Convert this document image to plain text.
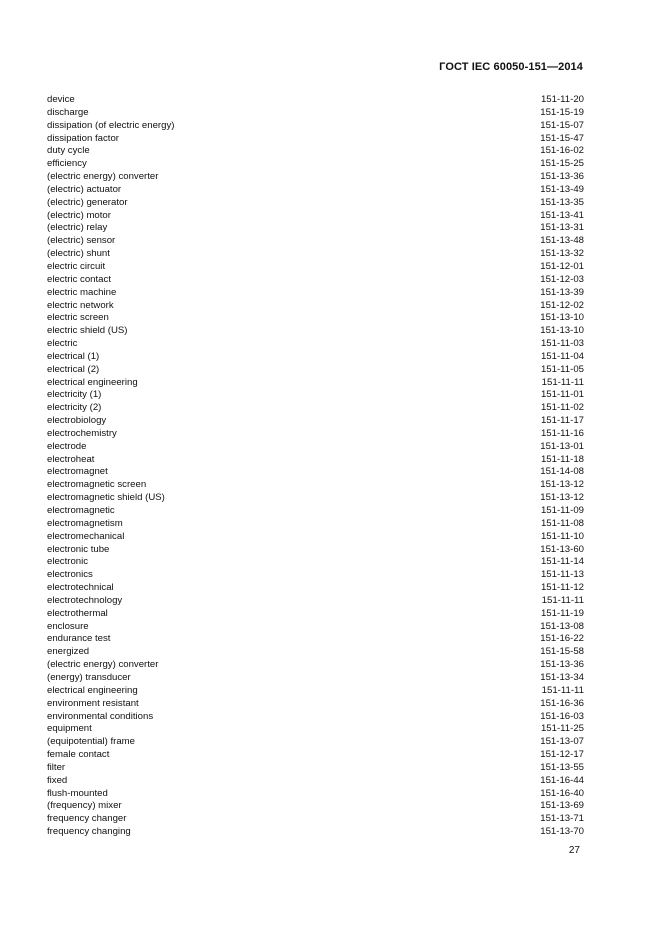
ГОСТ IEC 60050-151—2014
device	151-11-20
discharge	151-15-19
dissipation (of electric energy)	151-15-07
dissipation factor	151-15-47
duty cycle	151-16-02
efficiency	151-15-25
(electric energy) converter	151-13-36
(electric) actuator	151-13-49
(electric) generator	151-13-35
(electric) motor	151-13-41
(electric) relay	151-13-31
(electric) sensor	151-13-48
(electric) shunt	151-13-32
electric circuit	151-12-01
electric contact	151-12-03
electric machine	151-13-39
electric network	151-12-02
electric screen	151-13-10
electric shield (US)	151-13-10
electric	151-11-03
electrical (1)	151-11-04
electrical (2)	151-11-05
electrical engineering	151-11-11
electricity (1)	151-11-01
electricity (2)	151-11-02
electrobiology	151-11-17
electrochemistry	151-11-16
electrode	151-13-01
electroheat	151-11-18
electromagnet	151-14-08
electromagnetic screen	151-13-12
electromagnetic shield (US)	151-13-12
electromagnetic	151-11-09
electromagnetism	151-11-08
electromechanical	151-11-10
electronic tube	151-13-60
electronic	151-11-14
electronics	151-11-13
electrotechnical	151-11-12
electrotechnology	151-11-11
electrothermal	151-11-19
enclosure	151-13-08
endurance test	151-16-22
energized	151-15-58
(electric energy) converter	151-13-36
(energy) transducer	151-13-34
electrical engineering	151-11-11
environment resistant	151-16-36
environmental conditions	151-16-03
equipment	151-11-25
(equipotential) frame	151-13-07
female contact	151-12-17
filter	151-13-55
fixed	151-16-44
flush-mounted	151-16-40
(frequency) mixer	151-13-69
frequency changer	151-13-71
frequency changing	151-13-70
27
